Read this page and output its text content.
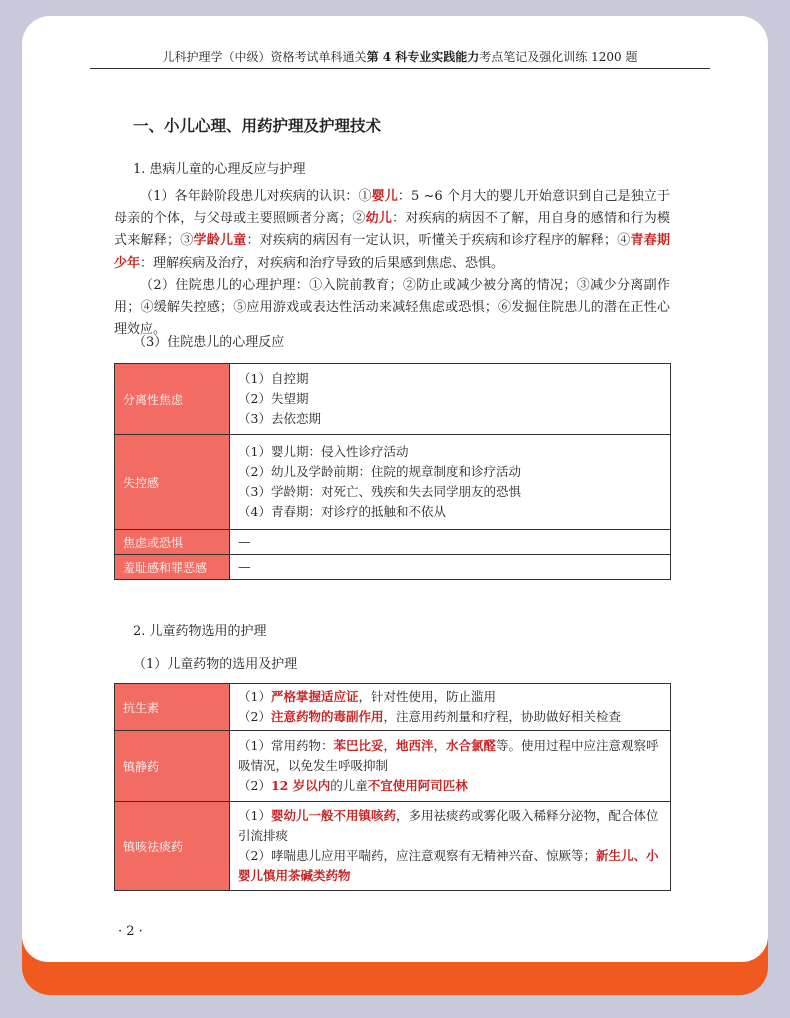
儿科护理学（中级）资格考试单科通关第 4 科专业实践能力考点笔记及强化训练 1200 题
一、小儿心理、用药护理及护理技术
1. 患病儿童的心理反应与护理
（1）各年龄阶段患儿对疾病的认识：①婴儿：5 ~6 个月大的婴儿开始意识到自己是独立于母亲的个体，与父母或主要照顾者分离；②幼儿：对疾病的病因不了解，用自身的感情和行为模式来解释；③学龄儿童：对疾病的病因有一定认识，听懂关于疾病和诊疗程序的解释；④青春期少年：理解疾病及治疗，对疾病和治疗导致的后果感到焦虑、恐惧。
（2）住院患儿的心理护理：①入院前教育；②防止或减少被分离的情况；③减少分离副作用；④缓解失控感；⑤应用游戏或表达性活动来减轻焦虑或恐惧；⑥发掘住院患儿的潜在正性心理效应。
（3）住院患儿的心理反应
分离性焦虑	（1）自控期

（2）失望期

（3）去依恋期

失控感	（1）婴儿期：侵入性诊疗活动

（2）幼儿及学龄前期：住院的规章制度和诊疗活动

（3）学龄期：对死亡、残疾和失去同学朋友的恐惧

（4）青春期：对诊疗的抵触和不依从

焦虑或恐惧	—
羞耻感和罪恶感	—
2. 儿童药物选用的护理
（1）儿童药物的选用及护理
抗生素	（1）严格掌握适应证，针对性使用，防止滥用

（2）注意药物的毒副作用，注意用药剂量和疗程，协助做好相关检查

镇静药	（1）常用药物：苯巴比妥，地西泮，水合氯醛等。使用过程中应注意观察呼吸情况，以免发生呼吸抑制

（2）12 岁以内的儿童不宜使用阿司匹林

镇咳祛痰药	（1）婴幼儿一般不用镇咳药，多用祛痰药或雾化吸入稀释分泌物，配合体位引流排痰

（2）哮喘患儿应用平喘药，应注意观察有无精神兴奋、惊厥等；新生儿、小婴儿慎用茶碱类药物

· 2 ·
